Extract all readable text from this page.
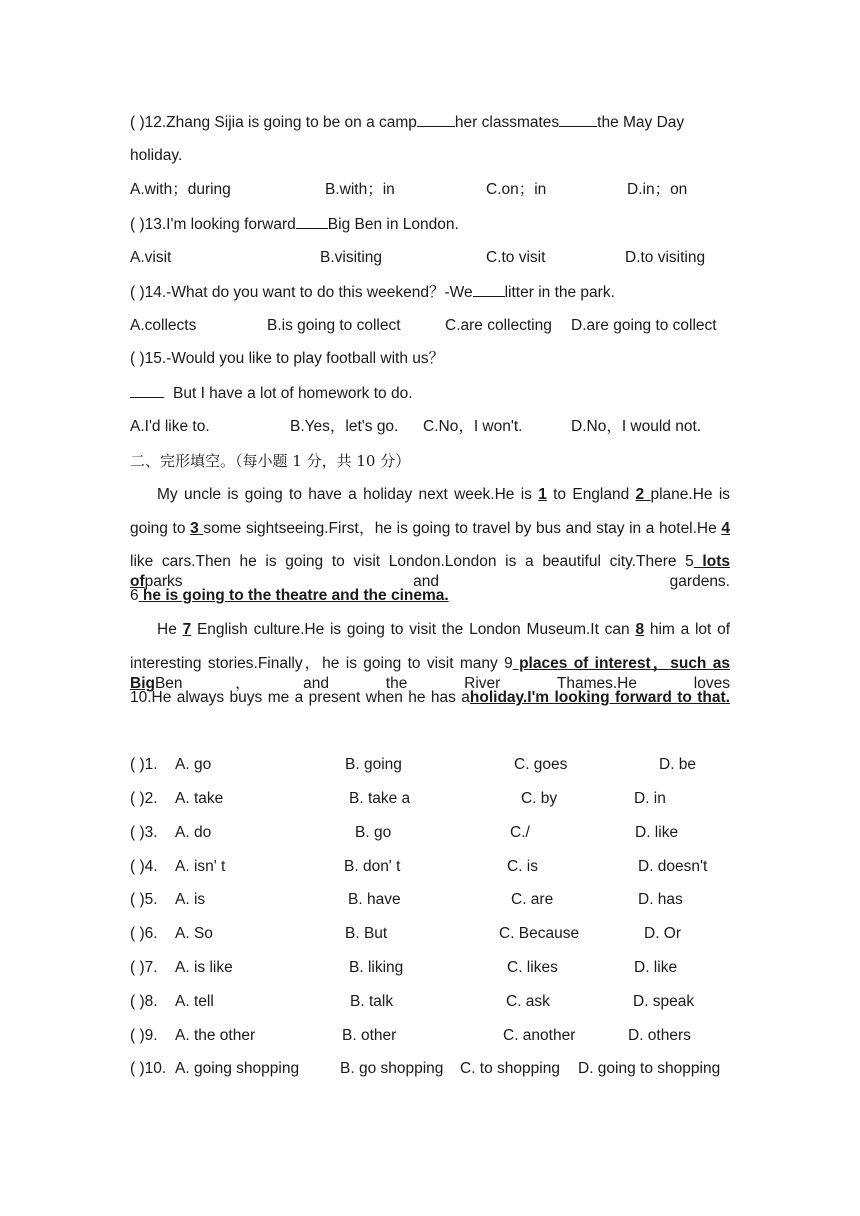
( )12.Zhang Sijia is going to be on a camp her classmates the May Day
holiday.
A.with；during	B.with；in	C.on；in	D.in；on
( )13.I'm looking forward Big Ben in London.
A.visit	B.visiting	C.to visit	D.to visiting
( )14.-What do you want to do this weekend？-We litter in the park.
A.collects	B.is going to collect	C.are collecting D.are going to collect
( )15.-Would you like to play football with us？
But I have a lot of homework to do.
A.I'd like to.	B.Yes，let's go. C.No，I won't.	D.No，I would not.
二、完形填空。（每小题 1 分，共 10 分）
My uncle is going to have a holiday next week.He is 1 to England 2 plane.He is
going to 3 some sightseeing.First，he is going to travel by bus and stay in a hotel.He 4
like cars.Then he is going to visit London.London is a beautiful city.There 5 lots ofparks and gardens.
6 he is going to the theatre and the cinema.
He 7 English culture.He is going to visit the London Museum.It can 8 him a lot of
interesting stories.Finally，he is going to visit many 9 places of interest，such as BigBen，and the River Thames.He loves
10.He always buys me a present when he has aholiday.I'm looking forward to that.
( )1. A. go	B. going	C. goes	D. be
( )2. A. take	B. take a	C. by	D. in
( )3. A. do	B. go	C./	D. like
( )4. A. isn' t	B. don' t	C. is	D. doesn't
( )5. A. is	B. have	C. are	D. has
( )6. A. So	B. But	C. Because	D. Or
( )7. A. is like	B. liking	C. likes	D. like
( )8. A. tell	B. talk	C. ask	D. speak
( )9. A. the other	B. other	C. another	D. others
( )10. A. going shopping	B. go shopping C. to shopping D. going to shopping
